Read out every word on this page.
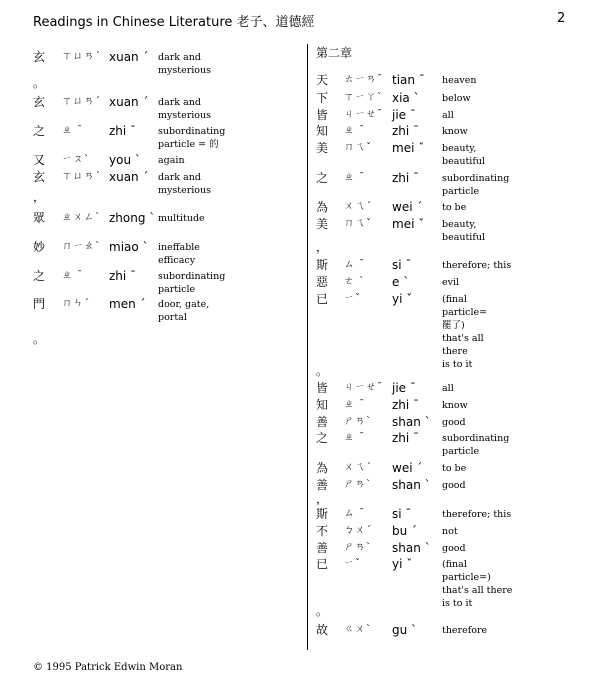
Readings in Chinese Literature 老子、道德經	2
第二章
玄 ㄒㄩㄢˊ xuan ˊ dark and
mysterious
。
玄 ㄒㄩㄢˊ xuan ˊ dark and
mysterious
之 ㄓ ˉ zhi ˉ subordinating
particle = 的
又 ㄧㄡˋ you ˋ again
玄 ㄒㄩㄢˊ xuan ˊ dark and
mysterious
，
眾 ㄓㄨㄥˋ zhong ˋ multitude
妙 ㄇㄧㄠˋ miao ˋ ineffable
efficacy
之 ㄓ ˉ zhi ˉ subordinating
particle
門 ㄇㄣˊ men ˊ door, gate,
portal
。
天 ㄊㄧㄢˉ tian ˉ heaven
下 ㄒㄧㄚˋ xia ˋ below
皆 ㄐㄧㄝˉ jie ˉ	all
知 ㄓ ˉ zhi ˉ know
美 ㄇㄟˇ mei ˇ beauty,
beautiful
之 ㄓ ˉ zhi ˉ subordinating
particle
為 ㄨㄟˊ wei ˊ to be
美 ㄇㄟˇ mei ˇ beauty,
beautiful
，
斯 ㄙ ˉ si ˉ	therefore; this
惡 ㄜ ˋ e ˋ	evil
已 ㄧˇ	yi ˇ	(final
particle=
罷了)
that's all
there
is to it
。
皆 ㄐㄧㄝˉ jie ˉ	all
知 ㄓ ˉ zhi ˉ know
善 ㄕㄢˋ shan ˋ good
之 ㄓ ˉ zhi ˉ subordinating
particle
為 ㄨㄟˊ wei ˊ to be
善 ㄕㄢˋ shan ˋ good
，
斯 ㄙ ˉ si ˉ	therefore; this
不 ㄅㄨˊ bu ˊ	not
善 ㄕㄢˋ shan ˋ good
已 ㄧˇ	yi ˇ	(final
particle=)
that's all there
is to it
。
故 ㄍㄨˋ gu ˋ	therefore
© 1995 Patrick Edwin Moran
